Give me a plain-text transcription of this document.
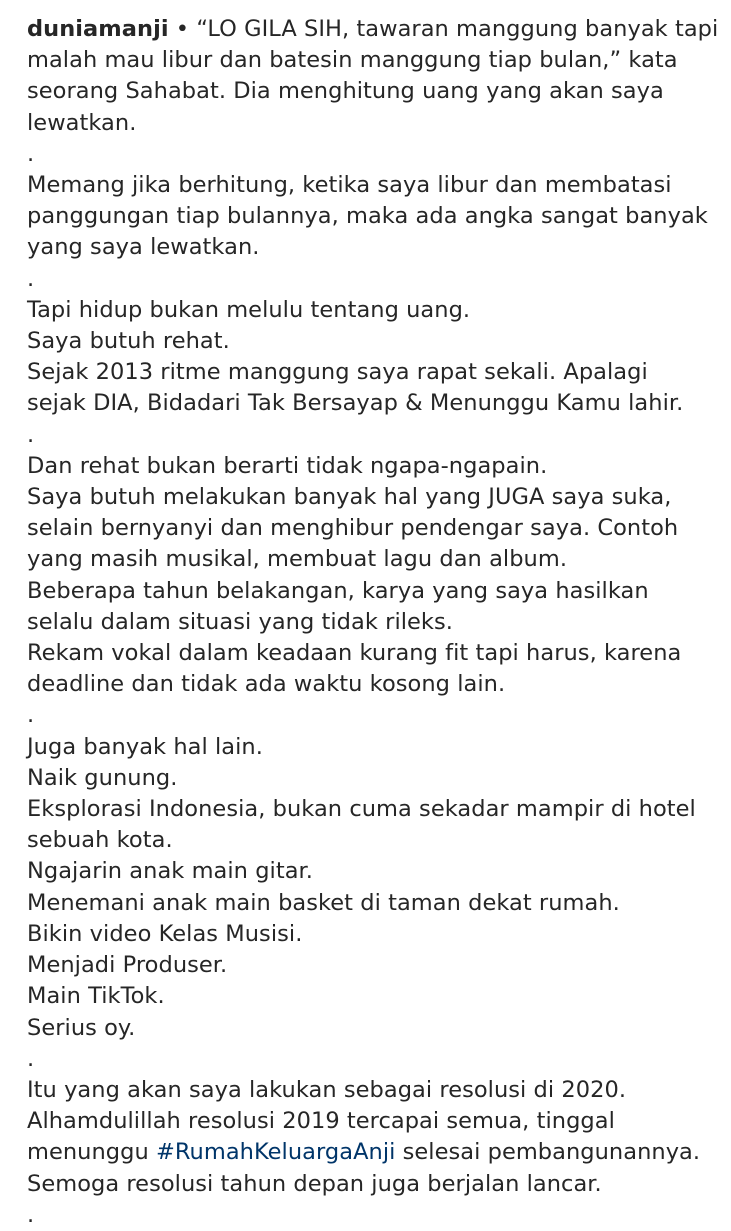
duniamanji • “LO GILA SIH, tawaran manggung banyak tapi
malah mau libur dan batesin manggung tiap bulan,” kata
seorang Sahabat. Dia menghitung uang yang akan saya
lewatkan.
.
Memang jika berhitung, ketika saya libur dan membatasi
panggungan tiap bulannya, maka ada angka sangat banyak
yang saya lewatkan.
.
Tapi hidup bukan melulu tentang uang.
Saya butuh rehat.
Sejak 2013 ritme manggung saya rapat sekali. Apalagi
sejak DIA, Bidadari Tak Bersayap & Menunggu Kamu lahir.
.
Dan rehat bukan berarti tidak ngapa-ngapain.
Saya butuh melakukan banyak hal yang JUGA saya suka,
selain bernyanyi dan menghibur pendengar saya. Contoh
yang masih musikal, membuat lagu dan album.
Beberapa tahun belakangan, karya yang saya hasilkan
selalu dalam situasi yang tidak rileks.
Rekam vokal dalam keadaan kurang fit tapi harus, karena
deadline dan tidak ada waktu kosong lain.
.
Juga banyak hal lain.
Naik gunung.
Eksplorasi Indonesia, bukan cuma sekadar mampir di hotel
sebuah kota.
Ngajarin anak main gitar.
Menemani anak main basket di taman dekat rumah.
Bikin video Kelas Musisi.
Menjadi Produser.
Main TikTok.
Serius oy.
.
Itu yang akan saya lakukan sebagai resolusi di 2020.
Alhamdulillah resolusi 2019 tercapai semua, tinggal
menunggu #RumahKeluargaAnji selesai pembangunannya.
Semoga resolusi tahun depan juga berjalan lancar.
.
